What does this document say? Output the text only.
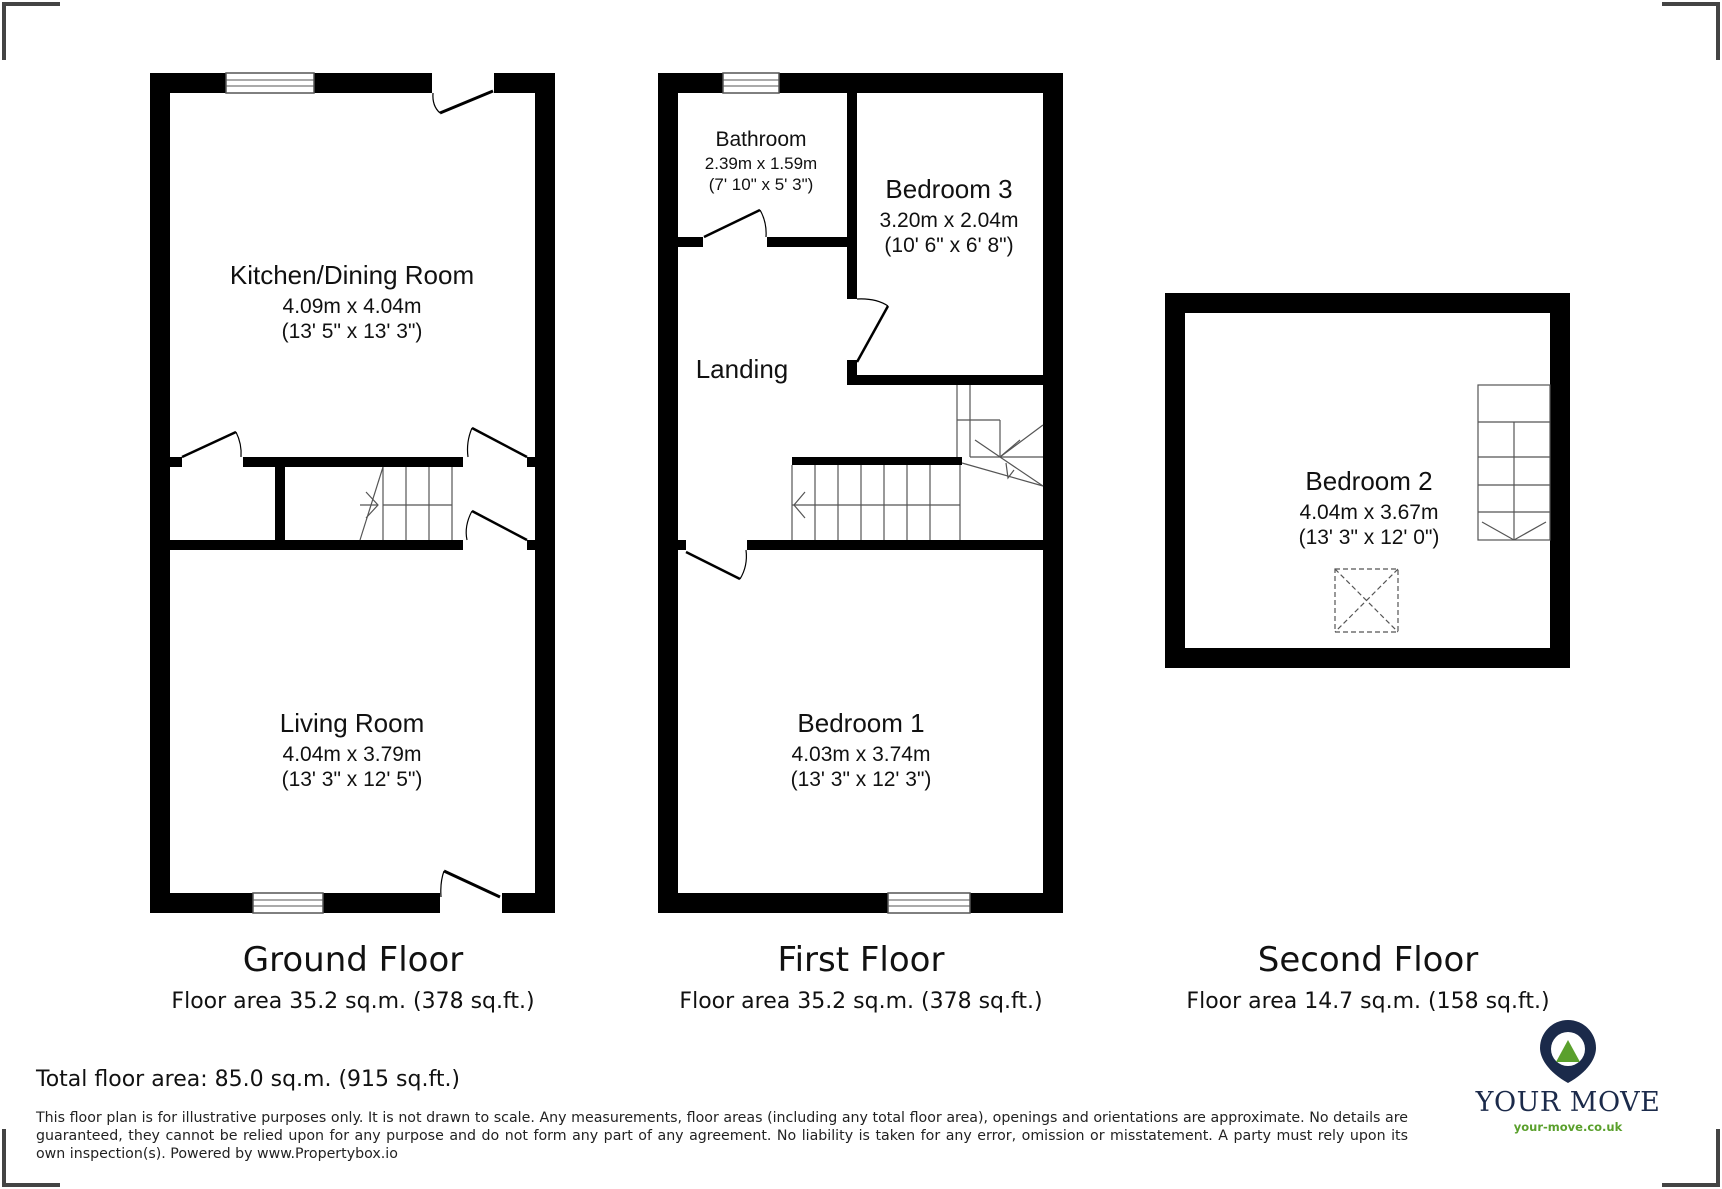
Kitchen/Dining Room
4.09m x 4.04m
(13' 5" x 13' 3")
Living Room
4.04m x 3.79m
(13' 3" x 12' 5")
Bathroom
2.39m x 1.59m
(7' 10" x 5' 3")	Bedroom 3
3.20m x 2.04m
(10' 6" x 6' 8")
Landing
Bedroom 1
4.03m x 3.74m
(13' 3" x 12' 3")
Bedroom 2
4.04m x 3.67m
(13' 3" x 12' 0")
Ground Floor
Floor area 35.2 sq.m. (378 sq.ft.)
First Floor
Floor area 35.2 sq.m. (378 sq.ft.)
Second Floor
Floor area 14.7 sq.m. (158 sq.ft.)
Total floor area: 85.0 sq.m. (915 sq.ft.)
YOUR MOVE
your-move.co.uk

This floor plan is for illustrative purposes only. It is not drawn to scale. Any measurements, floor areas (including any total floor area), openings and orientations are approximate. No details are guaranteed, they cannot be relied upon for any purpose and do not form any part of any agreement. No liability is taken for any error, omission or misstatement. A party must rely upon its own inspection(s). Powered by www.Propertybox.io
